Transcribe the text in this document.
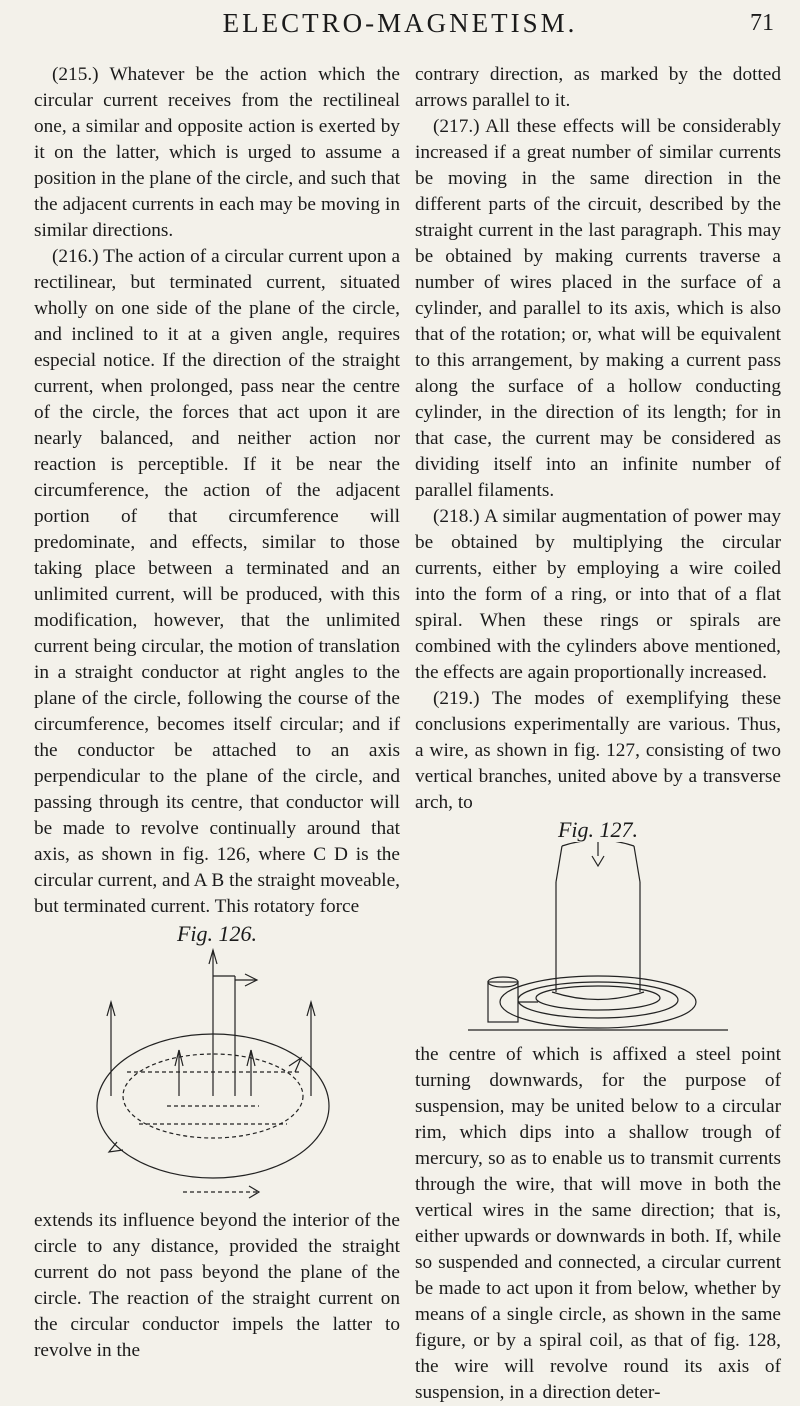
ELECTRO-MAGNETISM.	71

(215.) Whatever be the action which the circular current receives from the rectilineal one, a similar and opposite action is exerted by it on the latter, which is urged to assume a position in the plane of the circle, and such that the adjacent currents in each may be moving in similar directions.

(216.) The action of a circular current upon a rectilinear, but terminated current, situated wholly on one side of the plane of the circle, and inclined to it at a given angle, requires especial notice. If the direction of the straight current, when prolonged, pass near the centre of the circle, the forces that act upon it are nearly balanced, and neither action nor reaction is perceptible. If it be near the circumference, the action of the adjacent portion of that circumference will predominate, and effects, similar to those taking place between a terminated and an unlimited current, will be produced, with this modification, however, that the unlimited current being circular, the motion of translation in a straight conductor at right angles to the plane of the circle, following the course of the circumference, becomes itself circular; and if the conductor be attached to an axis perpendicular to the plane of the circle, and passing through its centre, that conductor will be made to revolve continually around that axis, as shown in fig. 126, where C D is the circular current, and A B the straight moveable, but terminated current. This rotatory force

Fig. 126.

extends its influence beyond the interior of the circle to any distance, provided the straight current do not pass beyond the plane of the circle. The reaction of the straight current on the circular conductor impels the latter to revolve in the

contrary direction, as marked by the dotted arrows parallel to it.

(217.) All these effects will be considerably increased if a great number of similar currents be moving in the same direction in the different parts of the circuit, described by the straight current in the last paragraph. This may be obtained by making currents traverse a number of wires placed in the surface of a cylinder, and parallel to its axis, which is also that of the rotation; or, what will be equivalent to this arrangement, by making a current pass along the surface of a hollow conducting cylinder, in the direction of its length; for in that case, the current may be considered as dividing itself into an infinite number of parallel filaments.

(218.) A similar augmentation of power may be obtained by multiplying the circular currents, either by employing a wire coiled into the form of a ring, or into that of a flat spiral. When these rings or spirals are combined with the cylinders above mentioned, the effects are again proportionally increased.

(219.) The modes of exemplifying these conclusions experimentally are various. Thus, a wire, as shown in fig. 127, consisting of two vertical branches, united above by a transverse arch, to

Fig. 127.

the centre of which is affixed a steel point turning downwards, for the purpose of suspension, may be united below to a circular rim, which dips into a shallow trough of mercury, so as to enable us to transmit currents through the wire, that will move in both the vertical wires in the same direction; that is, either upwards or downwards in both. If, while so suspended and connected, a circular current be made to act upon it from below, whether by means of a single circle, as shown in the same figure, or by a spiral coil, as that of fig. 128, the wire will revolve round its axis of suspension, in a direction deter-
